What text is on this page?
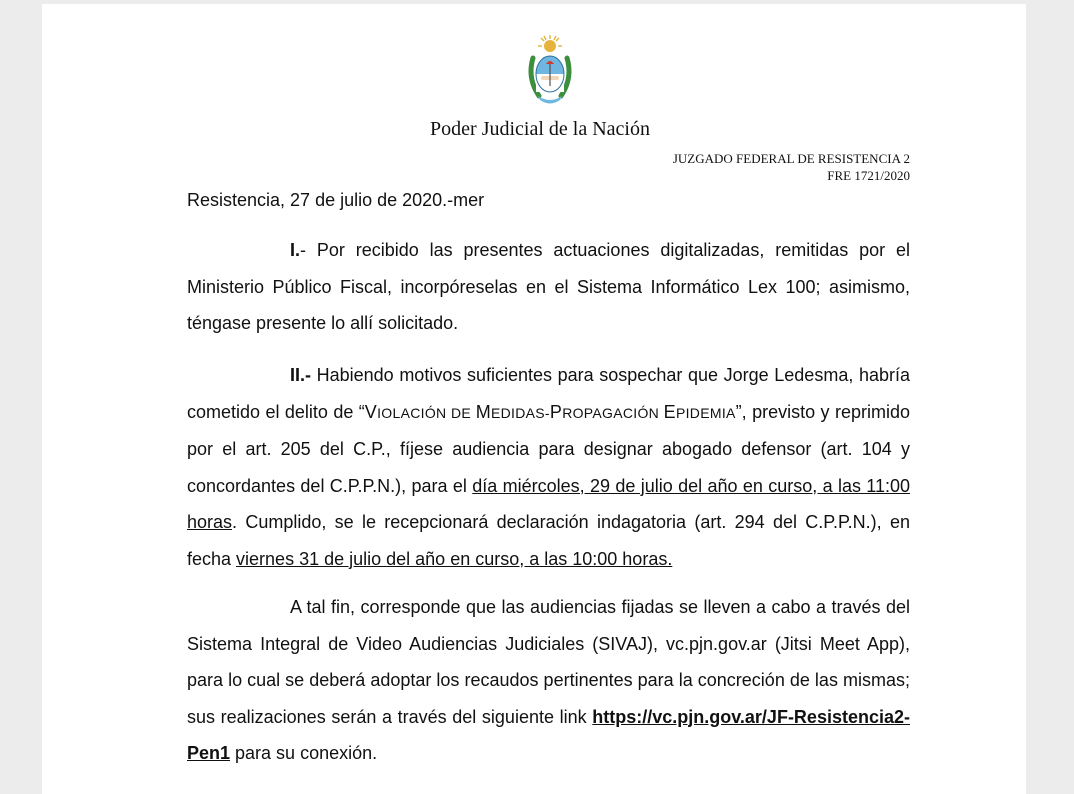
Poder Judicial de la Nación
JUZGADO FEDERAL DE RESISTENCIA 2
FRE 1721/2020
Resistencia, 27 de julio de 2020.-mer

I.- Por recibido las presentes actuaciones digitalizadas, remitidas por el Ministerio Público Fiscal, incorpóreselas en el Sistema Informático Lex 100; asimismo, téngase presente lo allí solicitado.

II.- Habiendo motivos suficientes para sospechar que Jorge Ledesma, habría cometido el delito de “VIOLACIÓN DE MEDIDAS-PROPAGACIÓN EPIDEMIA”, previsto y reprimido por el art. 205 del C.P., fíjese audiencia para designar abogado defensor (art. 104 y concordantes del C.P.P.N.), para el día miércoles, 29 de julio del año en curso, a las 11:00 horas. Cumplido, se le recepcionará declaración indagatoria (art. 294 del C.P.P.N.), en fecha viernes 31 de julio del año en curso, a las 10:00 horas.

A tal fin, corresponde que las audiencias fijadas se lleven a cabo a través del Sistema Integral de Video Audiencias Judiciales (SIVAJ), vc.pjn.gov.ar (Jitsi Meet App), para lo cual se deberá adoptar los recaudos pertinentes para la concreción de las mismas; sus realizaciones serán a través del siguiente link https://vc.pjn.gov.ar/JF-Resistencia2-Pen1 para su conexión.
